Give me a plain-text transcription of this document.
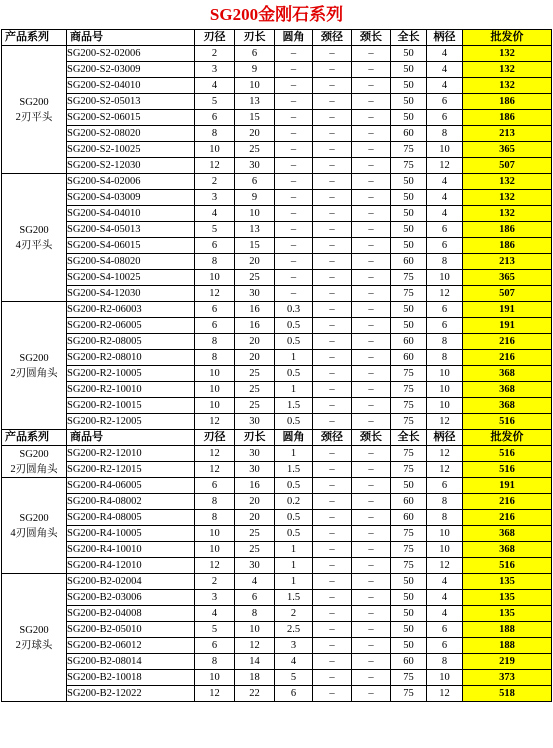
SG200金刚石系列
产品系列	商品号	刃径	刃长	圆角	颈径	颈长	全长	柄径	批发价
SG200
2刃平头	SG200-S2-02006	2	6	–	–	–	50	4	132
	SG200-S2-03009	3	9	–	–	–	50	4	132
	SG200-S2-04010	4	10	–	–	–	50	4	132
	SG200-S2-05013	5	13	–	–	–	50	6	186
	SG200-S2-06015	6	15	–	–	–	50	6	186
	SG200-S2-08020	8	20	–	–	–	60	8	213
	SG200-S2-10025	10	25	–	–	–	75	10	365
	SG200-S2-12030	12	30	–	–	–	75	12	507
SG200
4刃平头	SG200-S4-02006	2	6	–	–	–	50	4	132
	SG200-S4-03009	3	9	–	–	–	50	4	132
	SG200-S4-04010	4	10	–	–	–	50	4	132
	SG200-S4-05013	5	13	–	–	–	50	6	186
	SG200-S4-06015	6	15	–	–	–	50	6	186
	SG200-S4-08020	8	20	–	–	–	60	8	213
	SG200-S4-10025	10	25	–	–	–	75	10	365
	SG200-S4-12030	12	30	–	–	–	75	12	507
SG200
2刃圆角头	SG200-R2-06003	6	16	0.3	–	–	50	6	191
	SG200-R2-06005	6	16	0.5	–	–	50	6	191
	SG200-R2-08005	8	20	0.5	–	–	60	8	216
	SG200-R2-08010	8	20	1	–	–	60	8	216
	SG200-R2-10005	10	25	0.5	–	–	75	10	368
	SG200-R2-10010	10	25	1	–	–	75	10	368
	SG200-R2-10015	10	25	1.5	–	–	75	10	368
	SG200-R2-12005	12	30	0.5	–	–	75	12	516
产品系列	商品号	刃径	刃长	圆角	颈径	颈长	全长	柄径	批发价
SG200
2刃圆角头	SG200-R2-12010	12	30	1	–	–	75	12	516
	SG200-R2-12015	12	30	1.5	–	–	75	12	516
SG200
4刃圆角头	SG200-R4-06005	6	16	0.5	–	–	50	6	191
	SG200-R4-08002	8	20	0.2	–	–	60	8	216
	SG200-R4-08005	8	20	0.5	–	–	60	8	216
	SG200-R4-10005	10	25	0.5	–	–	75	10	368
	SG200-R4-10010	10	25	1	–	–	75	10	368
	SG200-R4-12010	12	30	1	–	–	75	12	516
SG200
2刃球头	SG200-B2-02004	2	4	1	–	–	50	4	135
	SG200-B2-03006	3	6	1.5	–	–	50	4	135
	SG200-B2-04008	4	8	2	–	–	50	4	135
	SG200-B2-05010	5	10	2.5	–	–	50	6	188
	SG200-B2-06012	6	12	3	–	–	50	6	188
	SG200-B2-08014	8	14	4	–	–	60	8	219
	SG200-B2-10018	10	18	5	–	–	75	10	373
	SG200-B2-12022	12	22	6	–	–	75	12	518
